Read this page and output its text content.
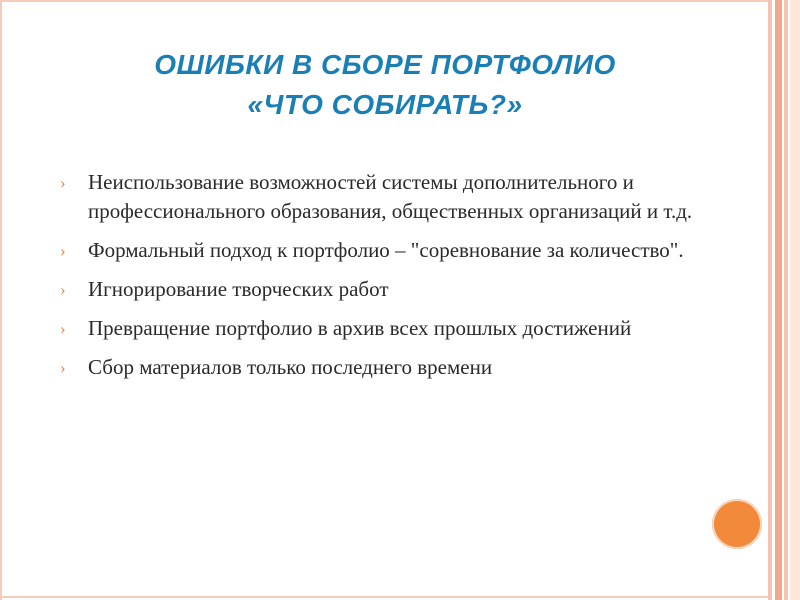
ОШИБКИ В СБОРЕ ПОРТФОЛИО
«ЧТО СОБИРАТЬ?»
› Неиспользование возможностей системы дополнительного и профессионального образования, общественных организаций и т.д.
› Формальный подход к портфолио – "соревнование за количество".
› Игнорирование творческих работ
› Превращение портфолио в архив всех прошлых достижений
› Сбор материалов только последнего времени
